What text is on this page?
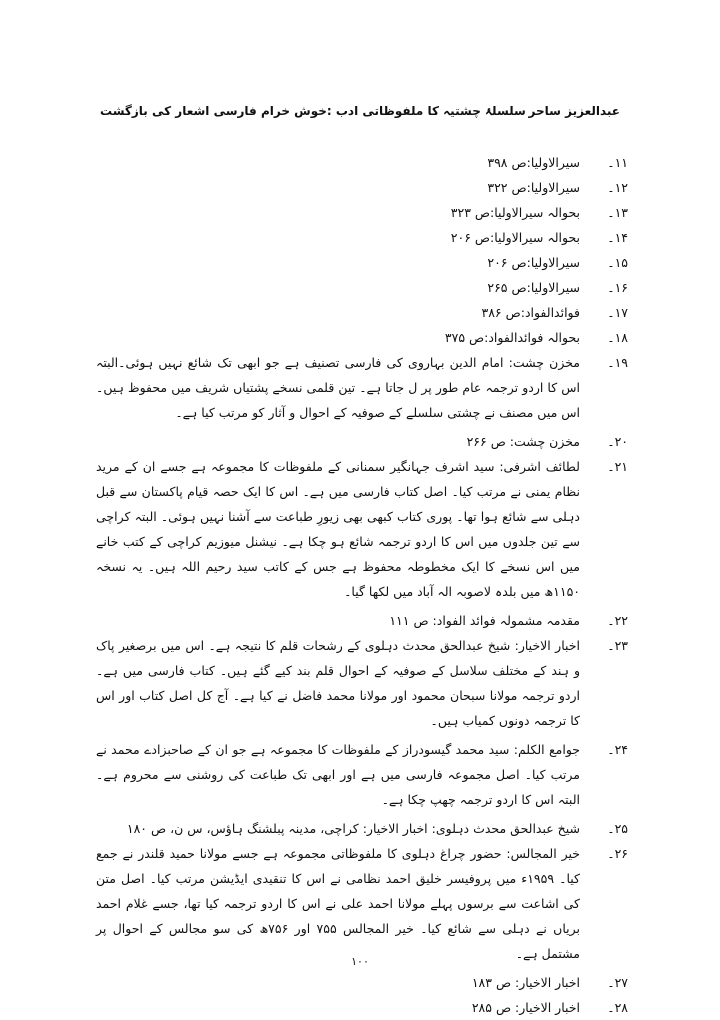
سلسلۂ چشتیہ کا ملفوظاتی ادب :خوش خرام فارسی اشعار کی بازگشت عبدالعزیز ساحر
۱۱۔
سیرالاولیا:ص ۳۹۸
۱۲۔
سیرالاولیا:ص ۳۲۲
۱۳۔
بحوالہ سیرالاولیا:ص ۳۲۳
۱۴۔
بحوالہ سیرالاولیا:ص ۲۰۶
۱۵۔
سیرالاولیا:ص ۲۰۶
۱۶۔
سیرالاولیا:ص ۲۶۵
۱۷۔
فوائدالفواد:ص ۳۸۶
۱۸۔
بحوالہ فوائدالفواد:ص ۳۷۵
۱۹۔
مخزن چشت: امام الدین بہاروی کی فارسی تصنیف ہے جو ابھی تک شائع نہیں ہوئی۔البتہ اس کا اردو ترجمہ عام طور پر ل جاتا ہے۔ تین قلمی نسخے پشتیاں شریف میں محفوظ ہیں۔ اس میں مصنف نے چشتی سلسلے کے صوفیہ کے احوال و آثار کو مرتب کیا ہے۔
۲۰۔
مخزن چشت: ص ۲۶۶
۲۱۔
لطائف اشرفی: سید اشرف جہانگیر سمنانی کے ملفوظات کا مجموعہ ہے جسے ان کے مرید نظام یمنی نے مرتب کیا۔ اصل کتاب فارسی میں ہے۔ اس کا ایک حصہ قیام پاکستان سے قبل دہلی سے شائع ہوا تھا۔ پوری کتاب کبھی بھی زیورِ طباعت سے آشنا نہیں ہوئی۔ البتہ کراچی سے تین جلدوں میں اس کا اردو ترجمہ شائع ہو چکا ہے۔ نیشنل میوزیم کراچی کے کتب خانے میں اس نسخے کا ایک مخطوطہ محفوظ ہے جس کے کاتب سید رحیم اللہ ہیں۔ یہ نسخہ ۱۱۵۰ھ میں بلدہ لاصوبہ الہ آباد میں لکھا گیا۔
۲۲۔
مقدمہ مشمولہ فوائد الفواد: ص ۱۱۱
۲۳۔
اخبار الاخیار: شیخ عبدالحق محدث دہلوی کے رشحات قلم کا نتیجہ ہے۔ اس میں برصغیر پاک و ہند کے مختلف سلاسل کے صوفیہ کے احوال قلم بند کیے گئے ہیں۔ کتاب فارسی میں ہے۔ اردو ترجمہ مولانا سبحان محمود اور مولانا محمد فاضل نے کیا ہے۔ آج کل اصل کتاب اور اس کا ترجمہ دونوں کمیاب ہیں۔
۲۴۔
جوامع الکلم: سید محمد گیسودراز کے ملفوظات کا مجموعہ ہے جو ان کے صاحبزادے محمد نے مرتب کیا۔ اصل مجموعہ فارسی میں ہے اور ابھی تک طباعت کی روشنی سے محروم ہے۔ البتہ اس کا اردو ترجمہ چھپ چکا ہے۔
۲۵۔
شیخ عبدالحق محدث دہلوی: اخبار الاخیار: کراچی، مدینہ پبلشنگ ہاؤس، س ن، ص ۱۸۰
۲۶۔
خیر المجالس: حضور چراغ دہلوی کا ملفوظاتی مجموعہ ہے جسے مولانا حمید قلندر نے جمع کیا۔ ۱۹۵۹ء میں پروفیسر خلیق احمد نظامی نے اس کا تنقیدی ایڈیشن مرتب کیا۔ اصل متن کی اشاعت سے برسوں پہلے مولانا احمد علی نے اس کا اردو ترجمہ کیا تھا، جسے غلام احمد بریاں نے دہلی سے شائع کیا۔ خیر المجالس ۷۵۵ اور ۷۵۶ھ کی سو مجالس کے احوال پر مشتمل ہے۔
۲۷۔
اخبار الاخیار: ص ۱۸۳
۲۸۔
اخبار الاخیار: ص ۲۸۵
۱۰۰
